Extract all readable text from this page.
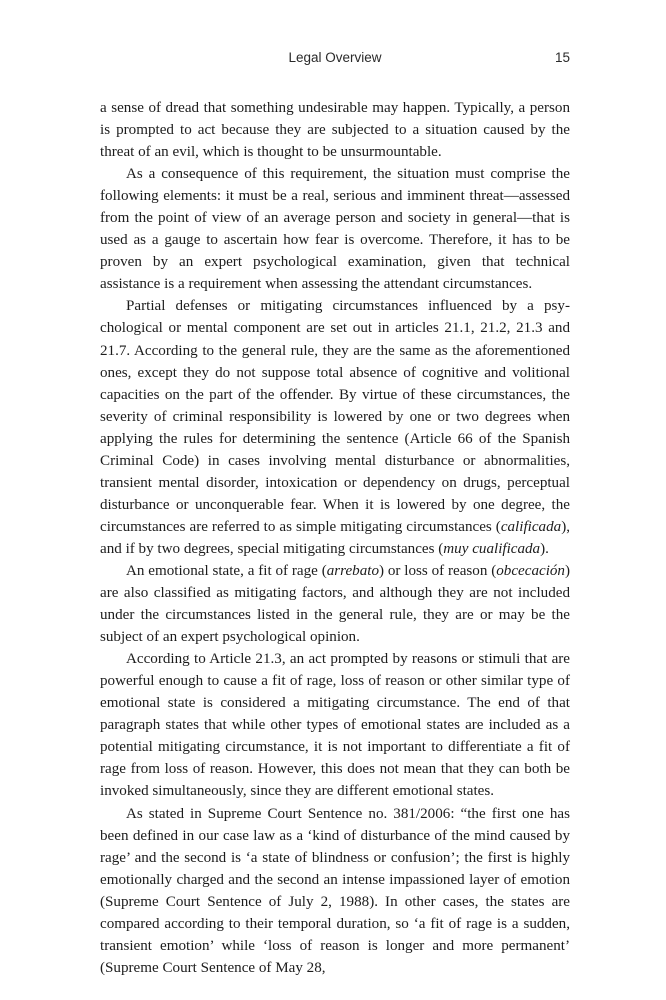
Legal Overview	15

a sense of dread that something undesirable may happen. Typically, a person is prompted to act because they are subjected to a situation caused by the threat of an evil, which is thought to be unsurmountable.

As a consequence of this requirement, the situation must comprise the following elements: it must be a real, serious and imminent threat—assessed from the point of view of an average person and society in general—that is used as a gauge to ascertain how fear is overcome. Therefore, it has to be proven by an expert psychological examination, given that technical assistance is a requirement when assessing the attendant circumstances.

Partial defenses or mitigating circumstances influenced by a psychological or mental component are set out in articles 21.1, 21.2, 21.3 and 21.7. According to the general rule, they are the same as the aforementioned ones, except they do not suppose total absence of cognitive and volitional capacities on the part of the offender. By virtue of these circumstances, the severity of criminal responsibility is lowered by one or two degrees when applying the rules for determining the sentence (Article 66 of the Spanish Criminal Code) in cases involving mental disturbance or abnormalities, transient mental disorder, intoxication or dependency on drugs, perceptual disturbance or unconquerable fear. When it is lowered by one degree, the circumstances are referred to as simple mitigating circumstances (calificada), and if by two degrees, special mitigating circumstances (muy cualificada).

An emotional state, a fit of rage (arrebato) or loss of reason (obcecación) are also classified as mitigating factors, and although they are not included under the circumstances listed in the general rule, they are or may be the subject of an expert psychological opinion.

According to Article 21.3, an act prompted by reasons or stimuli that are powerful enough to cause a fit of rage, loss of reason or other similar type of emotional state is considered a mitigating circumstance. The end of that paragraph states that while other types of emotional states are included as a potential mitigating circumstance, it is not important to differentiate a fit of rage from loss of reason. However, this does not mean that they can both be invoked simultaneously, since they are different emotional states.

As stated in Supreme Court Sentence no. 381/2006: “the first one has been defined in our case law as a ‘kind of disturbance of the mind caused by rage’ and the second is ‘a state of blindness or confusion’; the first is highly emotionally charged and the second an intense impassioned layer of emotion (Supreme Court Sentence of July 2, 1988). In other cases, the states are compared according to their temporal duration, so ‘a fit of rage is a sudden, transient emotion’ while ‘loss of reason is longer and more permanent’ (Supreme Court Sentence of May 28,
